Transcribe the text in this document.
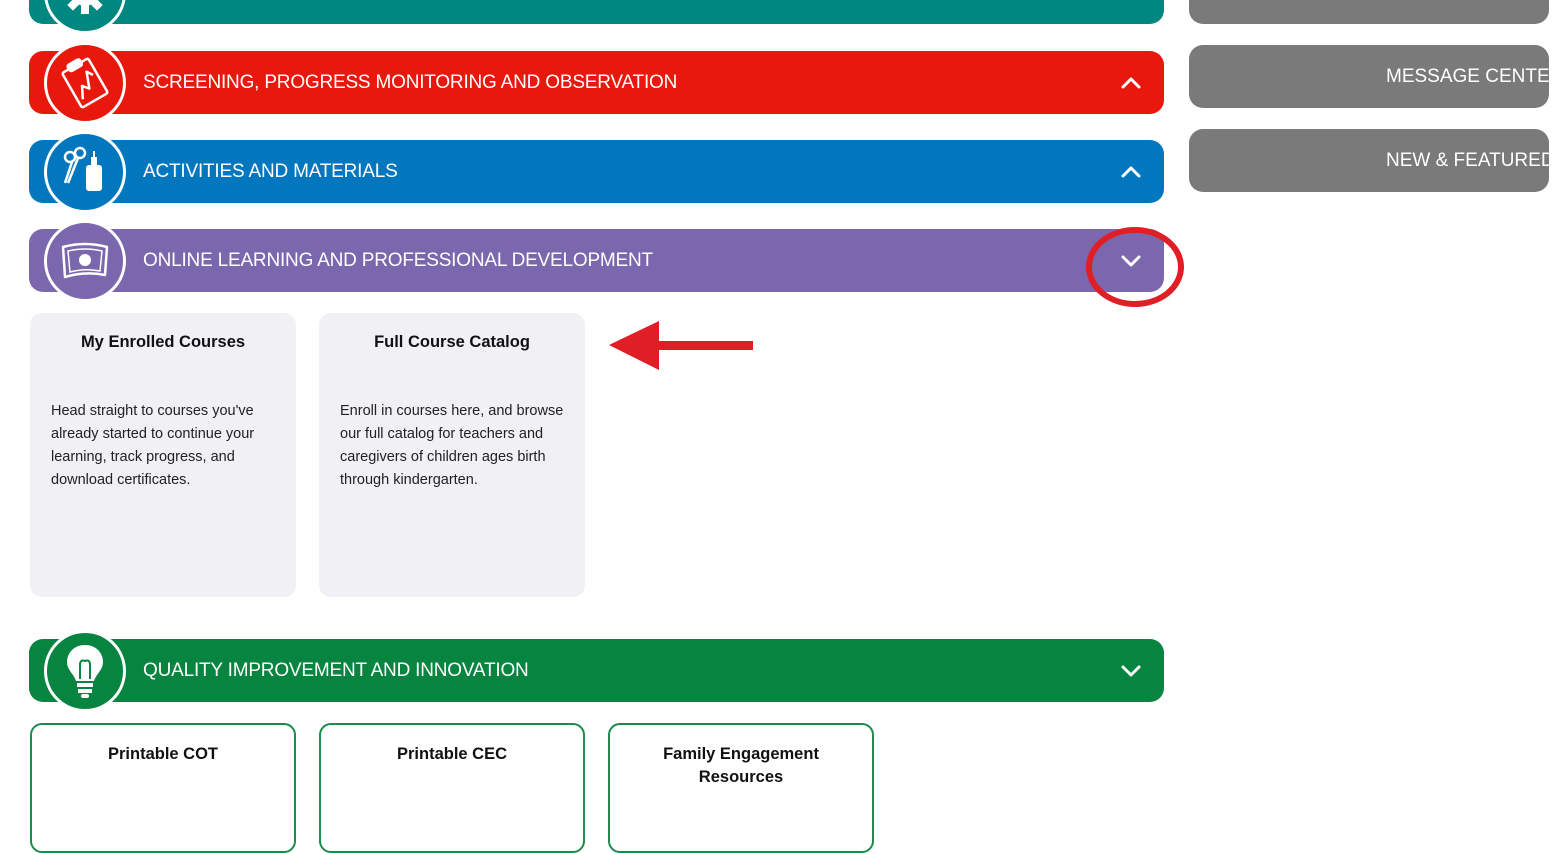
SCREENING, PROGRESS MONITORING AND OBSERVATION
ACTIVITIES AND MATERIALS
ONLINE LEARNING AND PROFESSIONAL DEVELOPMENT
My Enrolled Courses
Head straight to courses you've already started to continue your learning, track progress, and download certificates.
Full Course Catalog
Enroll in courses here, and browse our full catalog for teachers and caregivers of children ages birth through kindergarten.
QUALITY IMPROVEMENT AND INNOVATION
Printable COT	Printable CEC	Family Engagement Resources
MESSAGE CENTER
NEW & FEATURED
